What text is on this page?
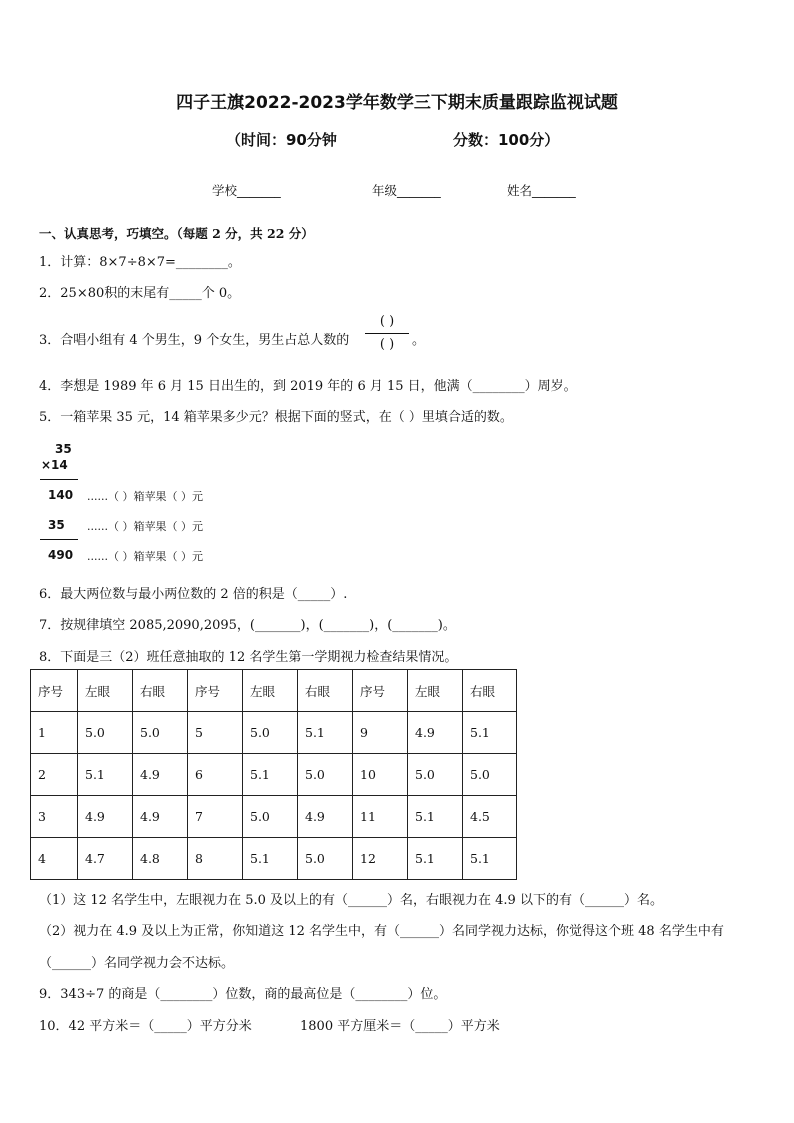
四子王旗2022-2023学年数学三下期末质量跟踪监视试题
（时间：90分钟	分数：100分）
学校_______	年级_______	姓名_______
一、认真思考，巧填空。（每题 2 分，共 22 分）
1．计算：8×7÷8×7=________。
2．25×80积的末尾有_____个 0。
3．合唱小组有 4 个男生，9 个女生，男生占总人数的
( )
( ) 。
4．李想是 1989 年 6 月 15 日出生的，到 2019 年的 6 月 15 日，他满（________）周岁。
5．一箱苹果 35 元，14 箱苹果多少元？根据下面的竖式，在（ ）里填合适的数。
35
×14
140 ......（ ）箱苹果（ ）元
35 ......（ ）箱苹果（ ）元
490 ......（ ）箱苹果（ ）元
6．最大两位数与最小两位数的 2 倍的积是（_____）.
7．按规律填空 2085,2090,2095，(_______)，(_______)，(_______)。
8．下面是三（2）班任意抽取的 12 名学生第一学期视力检查结果情况。
序号	左眼	右眼	序号	左眼	右眼	序号	左眼	右眼
1	5.0	5.0	5	5.0	5.1	9	4.9	5.1
2	5.1	4.9	6	5.1	5.0	10	5.0	5.0
3	4.9	4.9	7	5.0	4.9	11	5.1	4.5
4	4.7	4.8	8	5.1	5.0	12	5.1	5.1
（1）这 12 名学生中，左眼视力在 5.0 及以上的有（______）名，右眼视力在 4.9 以下的有（______）名。
（2）视力在 4.9 及以上为正常，你知道这 12 名学生中，有（______）名同学视力达标，你觉得这个班 48 名学生中有
（______）名同学视力会不达标。
9．343÷7 的商是（________）位数，商的最高位是（________）位。
10．42 平方米＝（_____）平方分米	1800 平方厘米＝（_____）平方米
